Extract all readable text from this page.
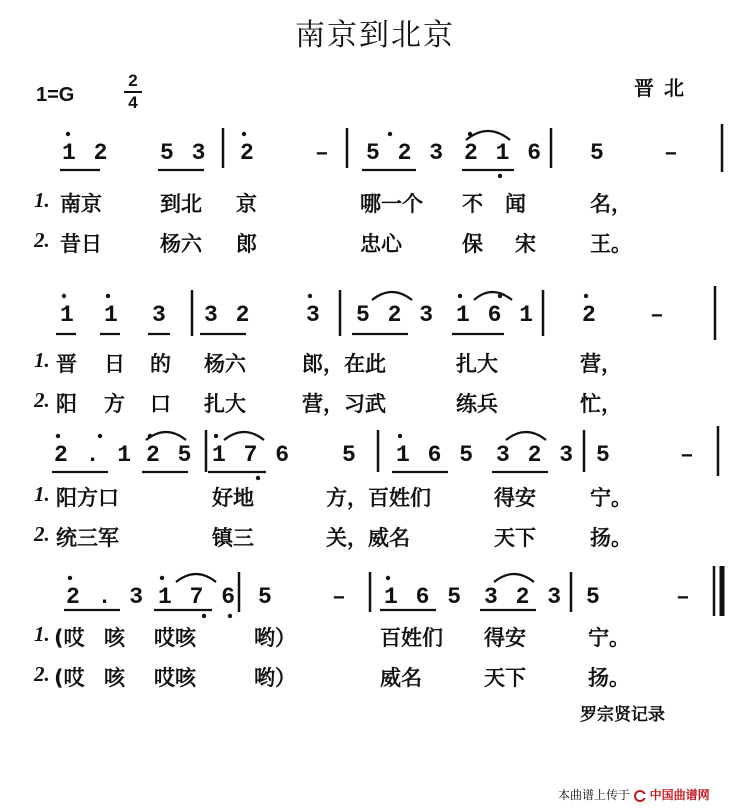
南京到北京
1=G
2
4
晋北
1 2 5 3 2	– 5 2 3 2 1 6 5	–
1. 南京	到北 京	哪一个 不 闻	名，
2. 昔日	杨六 郎	忠心	保 宋	王。
1 1 3 3 2 3 5 2 3 1 6 1 2 –
1. 晋 日 的 杨六	郎，在此	扎大	营，
2. 阳 方 口 扎大	营，习武	练兵	忙，
2 . 1 2 5 1 7 6 5 1 6 5 3 2 3 5	–
1. 阳方口	好地	方，百姓们	得安	宁。
2. 统三军	镇三	关，威名	天下	扬。
2 . 3 1 7 6 5	– 1 6 5 3 2 3 5	–
1. (哎 咳 哎咳	哟）	百姓们 得安	宁。
2. (哎 咳 哎咳	哟）	威名	天下	扬。
罗宗贤记录
本曲谱上传于 中国曲谱网
